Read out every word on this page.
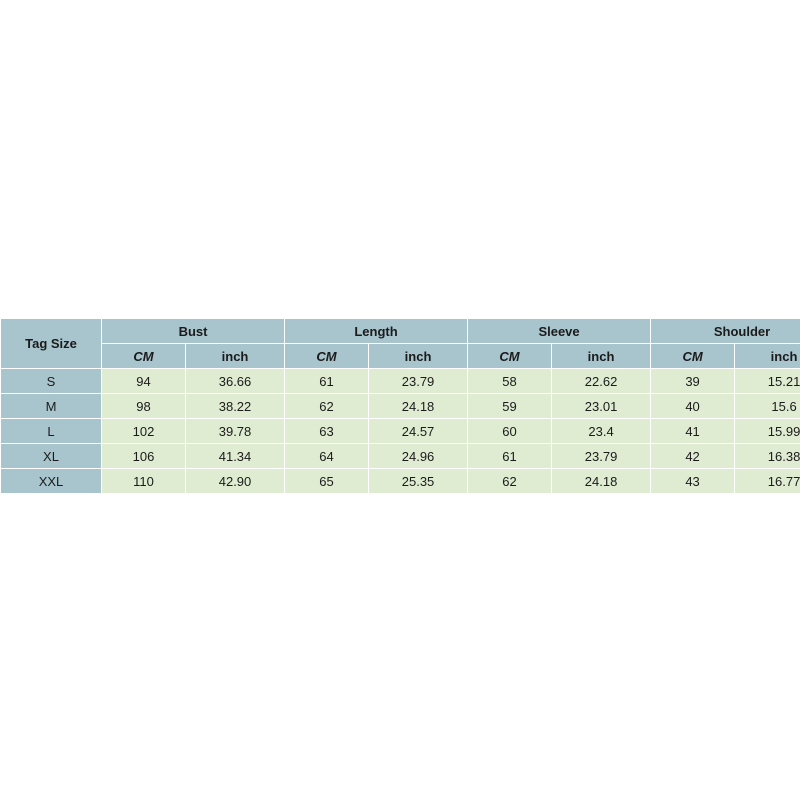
Tag Size	Bust		Length		Sleeve		Shoulder	
	CM	inch	CM	inch	CM	inch	CM	inch
S	94	36.66	61	23.79	58	22.62	39	15.21
M	98	38.22	62	24.18	59	23.01	40	15.6
L	102	39.78	63	24.57	60	23.4	41	15.99
XL	106	41.34	64	24.96	61	23.79	42	16.38
XXL	110	42.90	65	25.35	62	24.18	43	16.77
